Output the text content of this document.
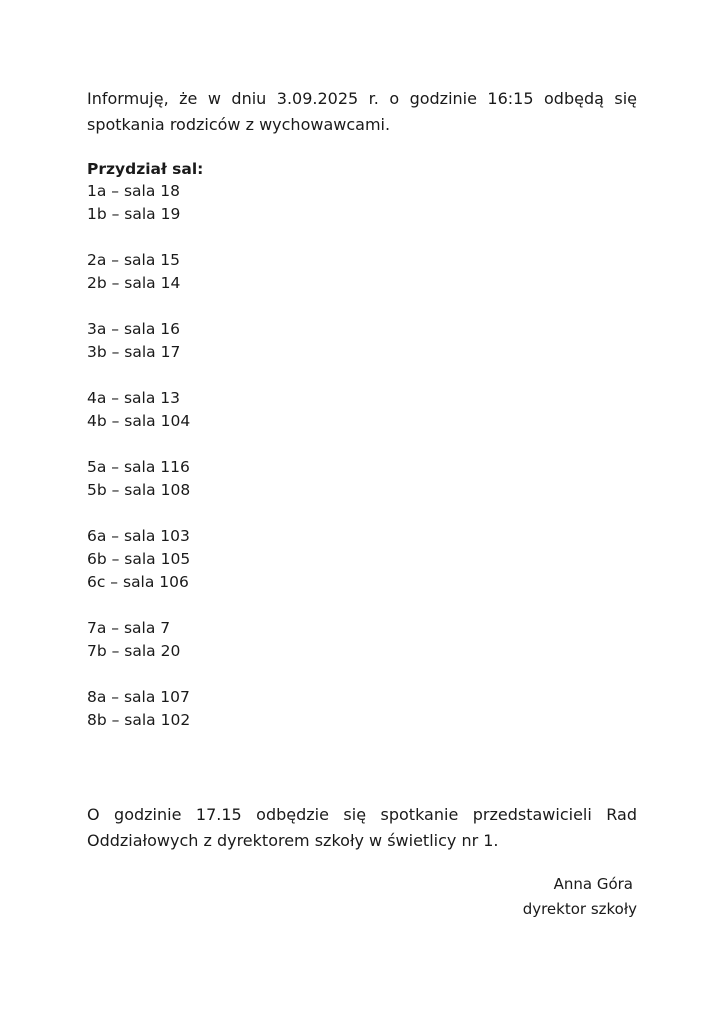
Informuję, że w dniu 3.09.2025 r. o godzinie 16:15 odbędą się
spotkania rodziców z wychowawcami.

Przydział sal:

1a – sala 18

1b – sala 19

2a – sala 15

2b – sala 14

3a – sala 16

3b – sala 17

4a – sala 13

4b – sala 104

5a – sala 116

5b – sala 108

6a – sala 103

6b – sala 105

6c – sala 106

7a – sala 7

7b – sala 20

8a – sala 107

8b – sala 102

O godzinie 17.15 odbędzie się spotkanie przedstawicieli Rad
Oddziałowych z dyrektorem szkoły w świetlicy nr 1.

Anna Góra
dyrektor szkoły
